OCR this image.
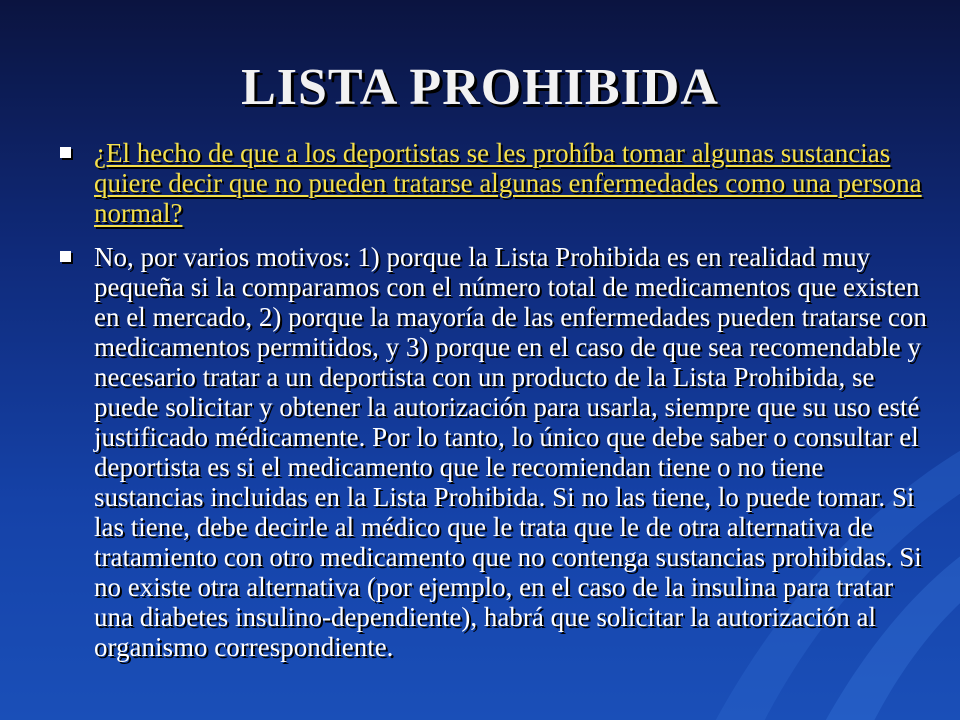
LISTA PROHIBIDA
¿El hecho de que a los deportistas se les prohíba tomar algunas sustancias quiere decir que no pueden tratarse algunas enfermedades como una persona normal?
No, por varios motivos: 1) porque la Lista Prohibida es en realidad muy pequeña si la comparamos con el número total de medicamentos que existen en el mercado, 2) porque la mayoría de las enfermedades pueden tratarse con medicamentos permitidos, y 3) porque en el caso de que sea recomendable y necesario tratar a un deportista con un producto de la Lista Prohibida, se puede solicitar y obtener la autorización para usarla, siempre que su uso esté justificado médicamente. Por lo tanto, lo único que debe saber o consultar el deportista es si el medicamento que le recomiendan tiene o no tiene sustancias incluidas en la Lista Prohibida. Si no las tiene, lo puede tomar. Si las tiene, debe decirle al médico que le trata que le de otra alternativa de tratamiento con otro medicamento que no contenga sustancias prohibidas. Si no existe otra alternativa (por ejemplo, en el caso de la insulina para tratar una diabetes insulino-dependiente), habrá que solicitar la autorización al organismo correspondiente.
